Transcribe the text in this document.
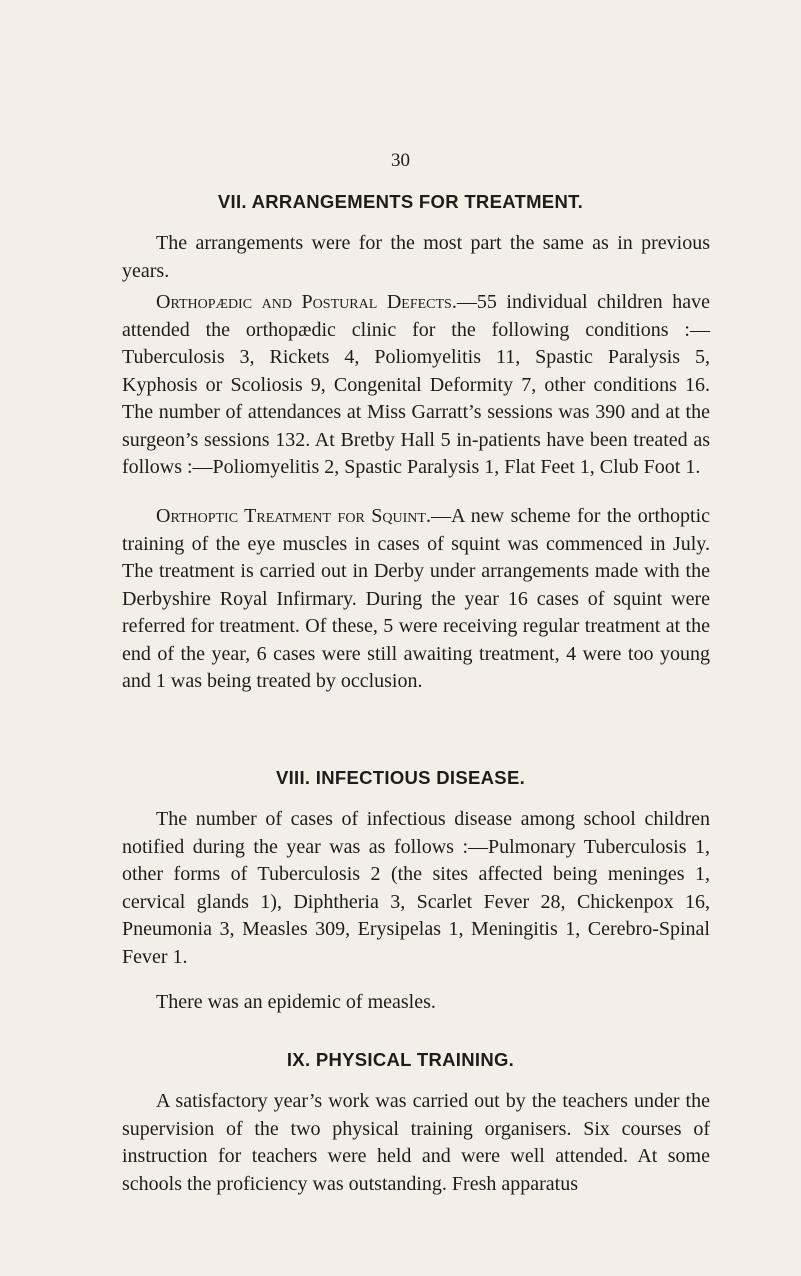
30
VII. ARRANGEMENTS FOR TREATMENT.

The arrangements were for the most part the same as in previous years.

Orthopædic and Postural Defects.—55 individual children have attended the orthopædic clinic for the following conditions :—Tuberculosis 3, Rickets 4, Poliomyelitis 11, Spastic Paralysis 5, Kyphosis or Scoliosis 9, Congenital Deformity 7, other conditions 16. The number of attendances at Miss Garratt’s sessions was 390 and at the surgeon’s sessions 132. At Bretby Hall 5 in-patients have been treated as follows :—Poliomyelitis 2, Spastic Paralysis 1, Flat Feet 1, Club Foot 1.

Orthoptic Treatment for Squint.—A new scheme for the orthoptic training of the eye muscles in cases of squint was commenced in July. The treatment is carried out in Derby under arrangements made with the Derbyshire Royal Infirmary. During the year 16 cases of squint were referred for treatment. Of these, 5 were receiving regular treatment at the end of the year, 6 cases were still awaiting treatment, 4 were too young and 1 was being treated by occlusion.

VIII. INFECTIOUS DISEASE.

The number of cases of infectious disease among school children notified during the year was as follows :—Pulmonary Tuberculosis 1, other forms of Tuberculosis 2 (the sites affected being meninges 1, cervical glands 1), Diphtheria 3, Scarlet Fever 28, Chickenpox 16, Pneumonia 3, Measles 309, Erysipelas 1, Meningitis 1, Cerebro-Spinal Fever 1.

There was an epidemic of measles.

IX. PHYSICAL TRAINING.

A satisfactory year’s work was carried out by the teachers under the supervision of the two physical training organisers. Six courses of instruction for teachers were held and were well attended. At some schools the proficiency was outstanding. Fresh apparatus
